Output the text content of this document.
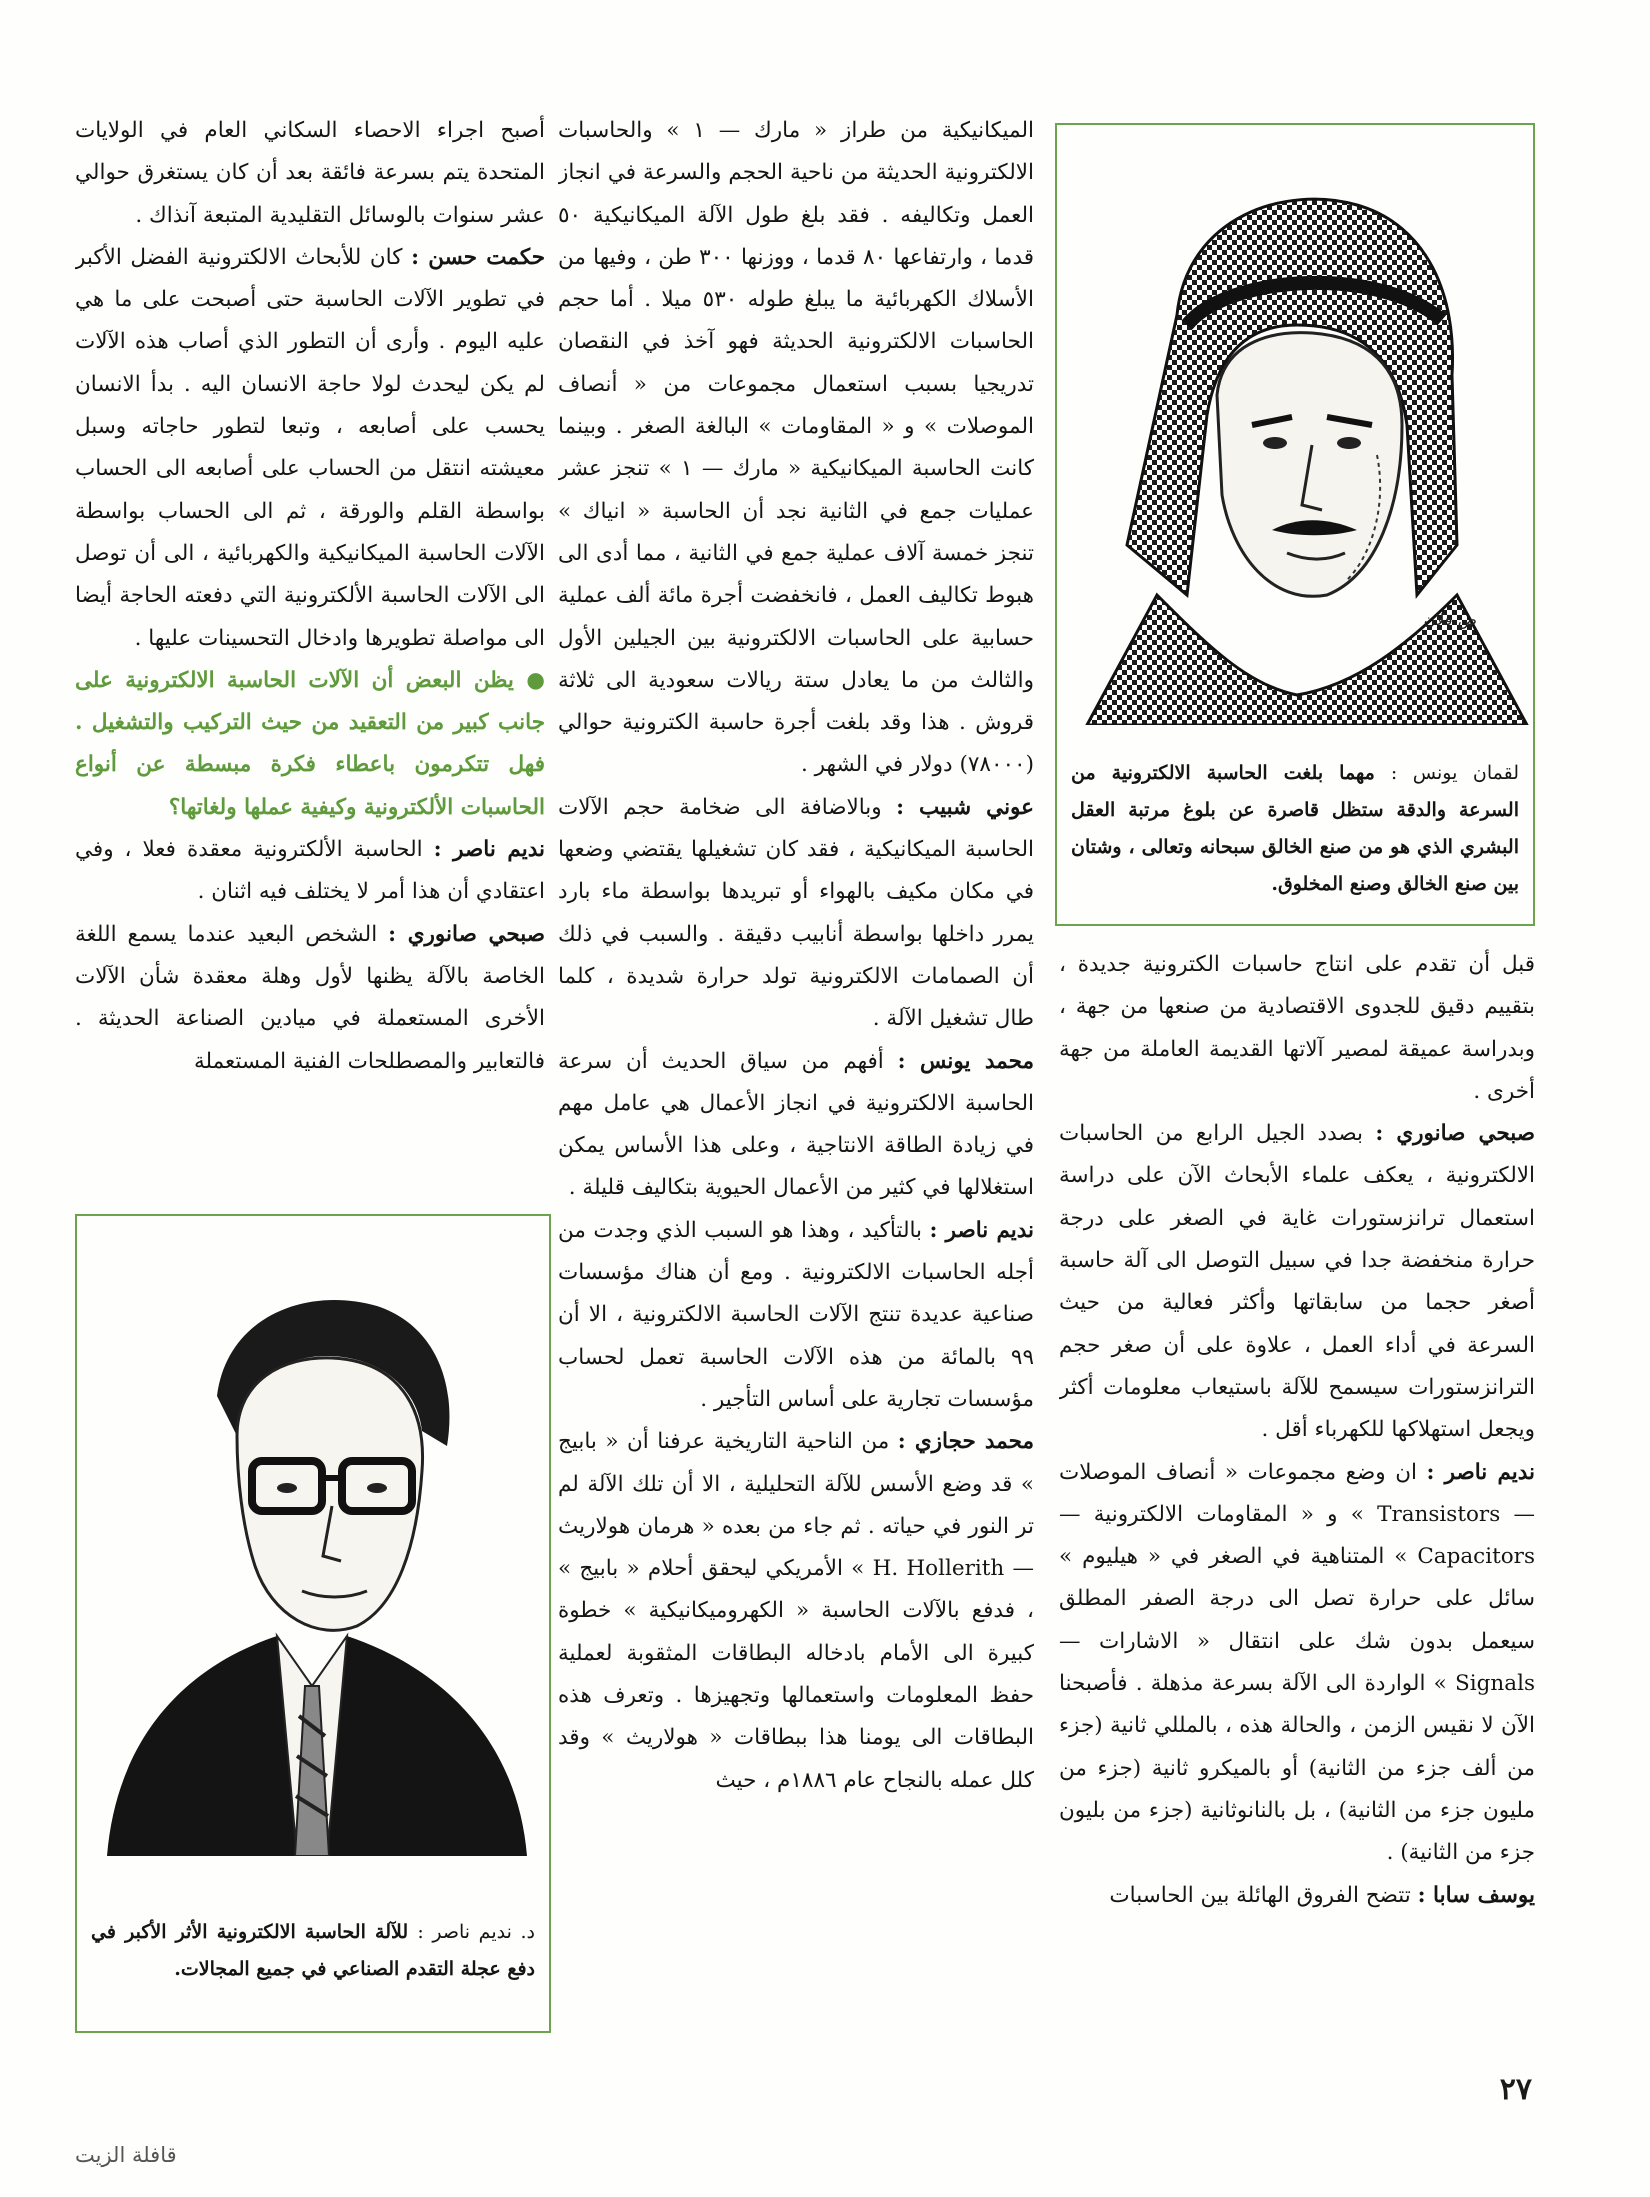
ص قلان
لقمان يونس : مهما بلغت الحاسبة الالكترونية من السرعة والدقة ستظل قاصرة عن بلوغ مرتبة العقل البشري الذي هو من صنع الخالق سبحانه وتعالى ، وشتان بين صنع الخالق وصنع المخلوق.
د. نديم ناصر : للآلة الحاسبة الالكترونية الأثر الأكبر في دفع عجلة التقدم الصناعي في جميع المجالات.

قبل أن تقدم على انتاج حاسبات الكترونية جديدة ، بتقييم دقيق للجدوى الاقتصادية من صنعها من جهة ، وبدراسة عميقة لمصير آلاتها القديمة العاملة من جهة أخرى .

صبحي صانوري : بصدد الجيل الرابع من الحاسبات الالكترونية ، يعكف علماء الأبحاث الآن على دراسة استعمال ترانزستورات غاية في الصغر على درجة حرارة منخفضة جدا في سبيل التوصل الى آلة حاسبة أصغر حجما من سابقاتها وأكثر فعالية من حيث السرعة في أداء العمل ، علاوة على أن صغر حجم الترانزستورات سيسمح للآلة باستيعاب معلومات أكثر ويجعل استهلاكها للكهرباء أقل .

نديم ناصر : ان وضع مجموعات « أنصاف الموصلات — Transistors » و « المقاومات الالكترونية — Capacitors » المتناهية في الصغر في « هيليوم » سائل على حرارة تصل الى درجة الصفر المطلق سيعمل بدون شك على انتقال « الاشارات — Signals » الواردة الى الآلة بسرعة مذهلة . فأصبحنا الآن لا نقيس الزمن ، والحالة هذه ، بالمللي ثانية (جزء من ألف جزء من الثانية) أو بالميكرو ثانية (جزء من مليون جزء من الثانية) ، بل بالنانوثانية (جزء من بليون جزء من الثانية) .

يوسف سابا : تتضح الفروق الهائلة بين الحاسبات

الميكانيكية من طراز « مارك — ١ » والحاسبات الالكترونية الحديثة من ناحية الحجم والسرعة في انجاز العمل وتكاليفه . فقد بلغ طول الآلة الميكانيكية ٥٠ قدما ، وارتفاعها ٨٠ قدما ، ووزنها ٣٠٠ طن ، وفيها من الأسلاك الكهربائية ما يبلغ طوله ٥٣٠ ميلا . أما حجم الحاسبات الالكترونية الحديثة فهو آخذ في النقصان تدريجيا بسبب استعمال مجموعات من « أنصاف الموصلات » و « المقاومات » البالغة الصغر . وبينما كانت الحاسبة الميكانيكية « مارك — ١ » تنجز عشر عمليات جمع في الثانية نجد أن الحاسبة « انياك » تنجز خمسة آلاف عملية جمع في الثانية ، مما أدى الى هبوط تكاليف العمل ، فانخفضت أجرة مائة ألف عملية حسابية على الحاسبات الالكترونية بين الجيلين الأول والثالث من ما يعادل ستة ريالات سعودية الى ثلاثة قروش . هذا وقد بلغت أجرة حاسبة الكترونية حوالي (٧٨٠٠٠) دولار في الشهر .

عوني شبيب : وبالاضافة الى ضخامة حجم الآلات الحاسبة الميكانيكية ، فقد كان تشغيلها يقتضي وضعها في مكان مكيف بالهواء أو تبريدها بواسطة ماء بارد يمرر داخلها بواسطة أنابيب دقيقة . والسبب في ذلك أن الصمامات الالكترونية تولد حرارة شديدة ، كلما طال تشغيل الآلة .

محمد يونس : أفهم من سياق الحديث أن سرعة الحاسبة الالكترونية في انجاز الأعمال هي عامل مهم في زيادة الطاقة الانتاجية ، وعلى هذا الأساس يمكن استغلالها في كثير من الأعمال الحيوية بتكاليف قليلة .

نديم ناصر : بالتأكيد ، وهذا هو السبب الذي وجدت من أجله الحاسبات الالكترونية . ومع أن هناك مؤسسات صناعية عديدة تنتج الآلات الحاسبة الالكترونية ، الا أن ٩٩ بالمائة من هذه الآلات الحاسبة تعمل لحساب مؤسسات تجارية على أساس التأجير .

محمد حجازي : من الناحية التاريخية عرفنا أن « بابيج » قد وضع الأسس للآلة التحليلية ، الا أن تلك الآلة لم تر النور في حياته . ثم جاء من بعده « هرمان هولاريث — H. Hollerith » الأمريكي ليحقق أحلام « بابيج » ، فدفع بالآلات الحاسبة « الكهروميكانيكية » خطوة كبيرة الى الأمام بادخاله البطاقات المثقوبة لعملية حفظ المعلومات واستعمالها وتجهيزها . وتعرف هذه البطاقات الى يومنا هذا ببطاقات « هولاريث » وقد كلل عمله بالنجاح عام ١٨٨٦م ، حيث

أصبح اجراء الاحصاء السكاني العام في الولايات المتحدة يتم بسرعة فائقة بعد أن كان يستغرق حوالي عشر سنوات بالوسائل التقليدية المتبعة آنذاك .

حكمت حسن : كان للأبحاث الالكترونية الفضل الأكبر في تطوير الآلات الحاسبة حتى أصبحت على ما هي عليه اليوم . وأرى أن التطور الذي أصاب هذه الآلات لم يكن ليحدث لولا حاجة الانسان اليه . بدأ الانسان يحسب على أصابعه ، وتبعا لتطور حاجاته وسبل معيشته انتقل من الحساب على أصابعه الى الحساب بواسطة القلم والورقة ، ثم الى الحساب بواسطة الآلات الحاسبة الميكانيكية والكهربائية ، الى أن توصل الى الآلات الحاسبة الألكترونية التي دفعته الحاجة أيضا الى مواصلة تطويرها وادخال التحسينات عليها .

● يظن البعض أن الآلات الحاسبة الالكترونية على جانب كبير من التعقيد من حيث التركيب والتشغيل . فهل تتكرمون باعطاء فكرة مبسطة عن أنواع الحاسبات الألكترونية وكيفية عملها ولغاتها؟

نديم ناصر : الحاسبة الألكترونية معقدة فعلا ، وفي اعتقادي أن هذا أمر لا يختلف فيه اثنان .

صبحي صانوري : الشخص البعيد عندما يسمع اللغة الخاصة بالآلة يظنها لأول وهلة معقدة شأن الآلات الأخرى المستعملة في ميادين الصناعة الحديثة . فالتعابير والمصطلحات الفنية المستعملة

٢٧
قافلة الزيت
